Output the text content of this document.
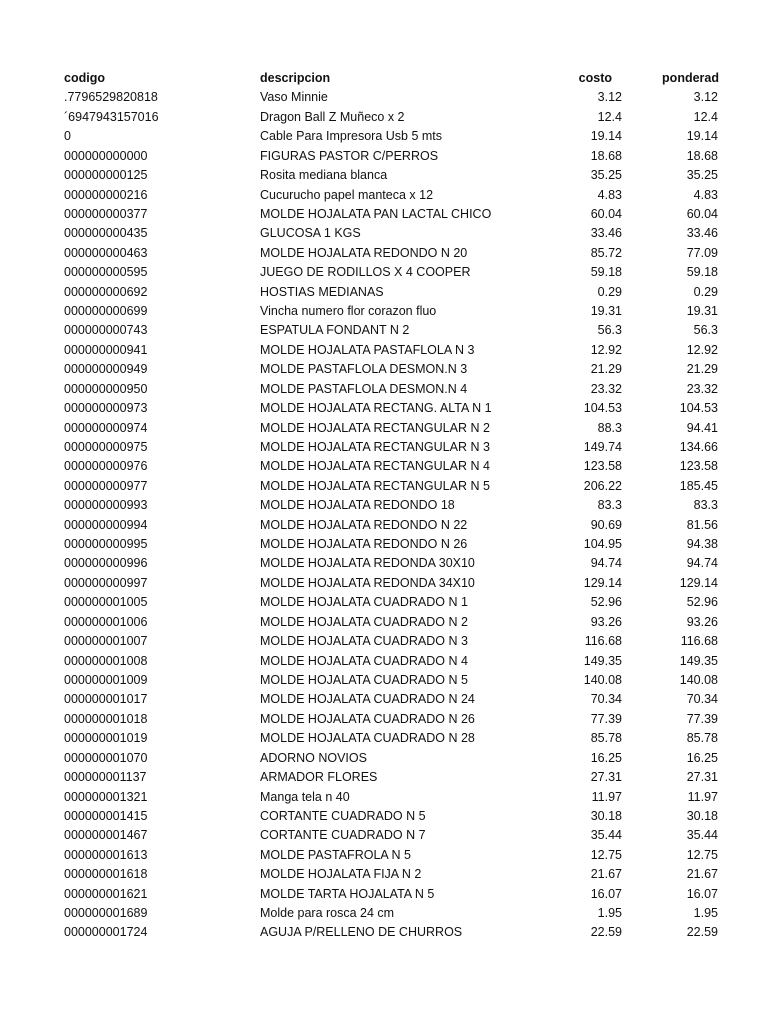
codigo	descripcion	costo	ponderad
.7796529820818	Vaso Minnie	3.12	3.12
´6947943157016	Dragon Ball Z Muñeco x 2	12.4	12.4
0	Cable Para Impresora Usb 5 mts	19.14	19.14
000000000000	FIGURAS PASTOR C/PERROS	18.68	18.68
000000000125	Rosita mediana blanca	35.25	35.25
000000000216	Cucurucho papel manteca x 12	4.83	4.83
000000000377	MOLDE HOJALATA PAN LACTAL CHICO	60.04	60.04
000000000435	GLUCOSA 1 KGS	33.46	33.46
000000000463	MOLDE HOJALATA REDONDO N 20	85.72	77.09
000000000595	JUEGO DE RODILLOS X 4 COOPER	59.18	59.18
000000000692	HOSTIAS MEDIANAS	0.29	0.29
000000000699	Vincha numero flor corazon fluo	19.31	19.31
000000000743	ESPATULA FONDANT N 2	56.3	56.3
000000000941	MOLDE HOJALATA PASTAFLOLA N 3	12.92	12.92
000000000949	MOLDE PASTAFLOLA DESMON.N 3	21.29	21.29
000000000950	MOLDE PASTAFLOLA DESMON.N 4	23.32	23.32
000000000973	MOLDE HOJALATA RECTANG. ALTA N 1	104.53	104.53
000000000974	MOLDE HOJALATA RECTANGULAR N 2	88.3	94.41
000000000975	MOLDE HOJALATA RECTANGULAR N 3	149.74	134.66
000000000976	MOLDE HOJALATA RECTANGULAR N 4	123.58	123.58
000000000977	MOLDE HOJALATA RECTANGULAR N 5	206.22	185.45
000000000993	MOLDE HOJALATA REDONDO 18	83.3	83.3
000000000994	MOLDE HOJALATA REDONDO N 22	90.69	81.56
000000000995	MOLDE HOJALATA REDONDO N 26	104.95	94.38
000000000996	MOLDE HOJALATA REDONDA 30X10	94.74	94.74
000000000997	MOLDE HOJALATA REDONDA 34X10	129.14	129.14
000000001005	MOLDE HOJALATA CUADRADO N 1	52.96	52.96
000000001006	MOLDE HOJALATA CUADRADO N 2	93.26	93.26
000000001007	MOLDE HOJALATA CUADRADO N 3	116.68	116.68
000000001008	MOLDE HOJALATA CUADRADO N 4	149.35	149.35
000000001009	MOLDE HOJALATA CUADRADO N 5	140.08	140.08
000000001017	MOLDE HOJALATA CUADRADO N 24	70.34	70.34
000000001018	MOLDE HOJALATA CUADRADO N 26	77.39	77.39
000000001019	MOLDE HOJALATA CUADRADO N 28	85.78	85.78
000000001070	ADORNO NOVIOS	16.25	16.25
000000001137	ARMADOR FLORES	27.31	27.31
000000001321	Manga tela n 40	11.97	11.97
000000001415	CORTANTE CUADRADO N 5	30.18	30.18
000000001467	CORTANTE CUADRADO N 7	35.44	35.44
000000001613	MOLDE PASTAFROLA N 5	12.75	12.75
000000001618	MOLDE HOJALATA FIJA N 2	21.67	21.67
000000001621	MOLDE TARTA HOJALATA N 5	16.07	16.07
000000001689	Molde para rosca 24 cm	1.95	1.95
000000001724	AGUJA P/RELLENO DE CHURROS	22.59	22.59
